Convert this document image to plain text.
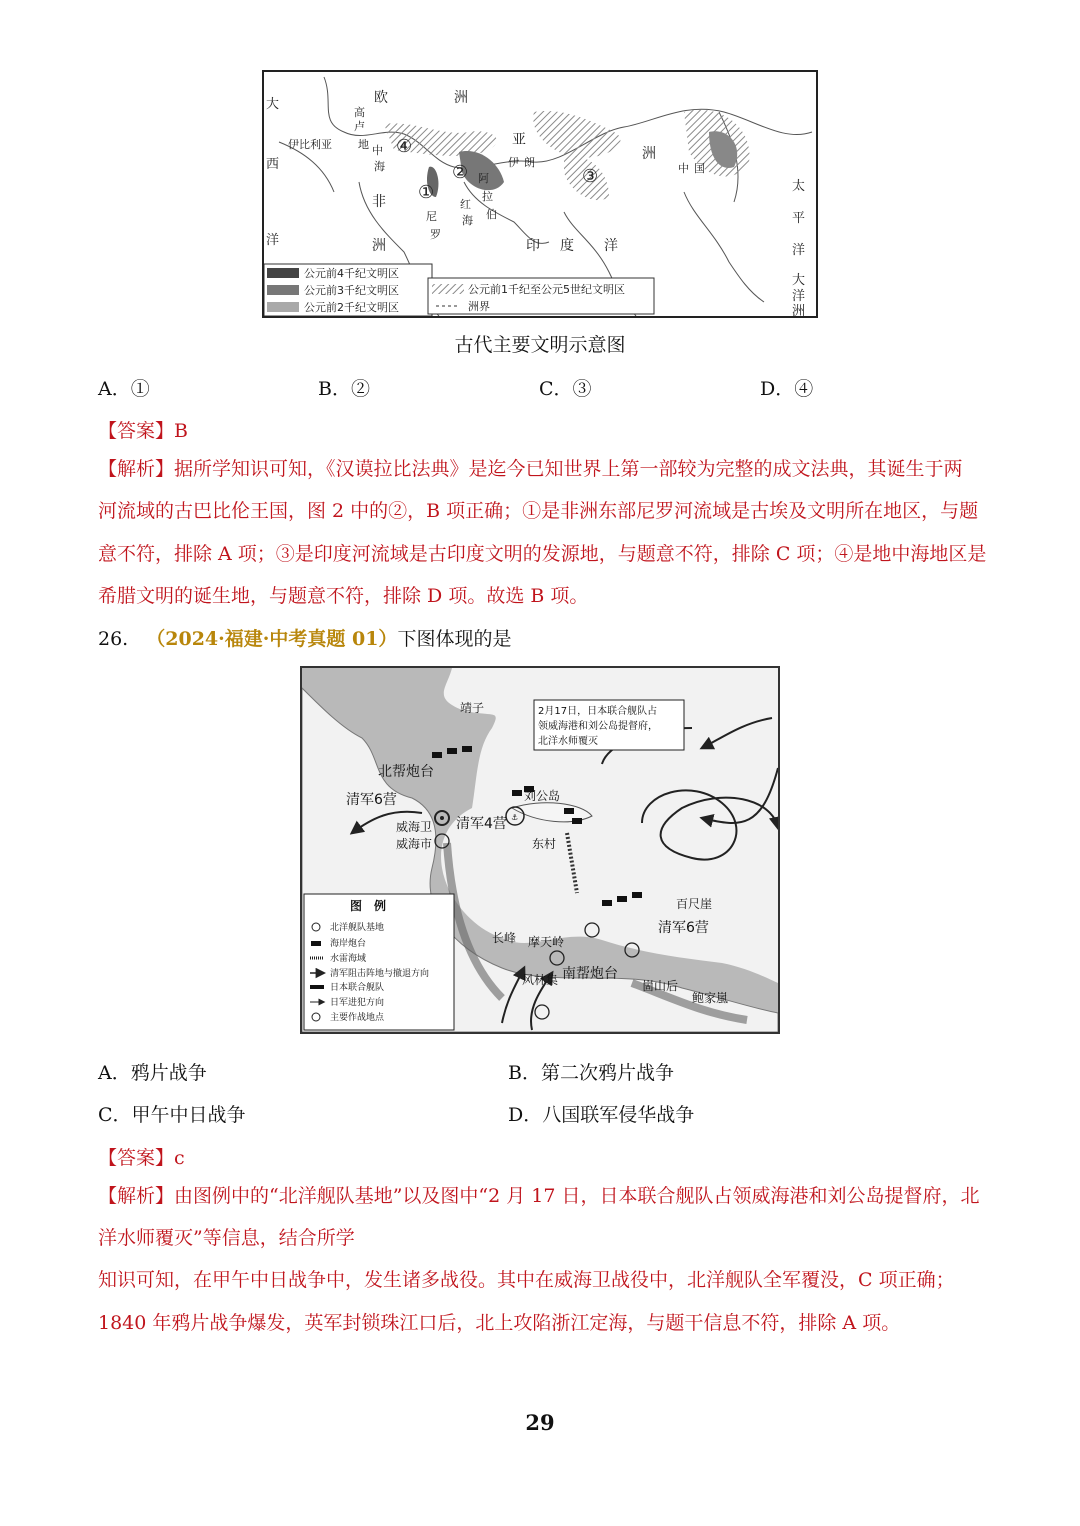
大
西
洋
欧	洲
亚
洲
非
洲	印 度 洋
太
平
洋
大
洋
洲
伊比利亚	中
海
地
高
卢
阿
拉
伯
红
海
尼
罗
伊 朗	中 国
①
②	③
④
公元前4千纪文明区
公元前3千纪文明区
公元前2千纪文明区
公元前1千纪至公元5世纪文明区
洲界
古代主要文明示意图
A．①	B．②	C．③	D．④
【答案】B
【解析】据所学知识可知，《汉谟拉比法典》是迄今已知世界上第一部较为完整的成文法典，其诞生于两
河流域的古巴比伦王国，图 2 中的②，B 项正确；①是非洲东部尼罗河流域是古埃及文明所在地区，与题
意不符，排除 A 项；③是印度河流域是古印度文明的发源地，与题意不符，排除 C 项；④是地中海地区是
希腊文明的诞生地，与题意不符，排除 D 项。故选 B 项。
26. （2024·福建·中考真题 01）下图体现的是
⚓
2月17日，日本联合舰队占
领威海港和刘公岛提督府，
北洋水师覆灭
靖子
北帮炮台
清军6营
威海卫
威海市
清军4营
刘公岛
东村
百尺崖
清军6营
长峰 摩天岭
风林集 南帮炮台
崮山后
鲍家嵐
图　例
北洋舰队基地
海岸炮台
水雷海域
清军阻击阵地与撤退方向
日本联合舰队
日军进犯方向
主要作战地点
A．鸦片战争	B．第二次鸦片战争
C．甲午中日战争	D．八国联军侵华战争
【答案】c
【解析】由图例中的“北洋舰队基地”以及图中“2 月 17 日，日本联合舰队占领威海港和刘公岛提督府，北
洋水师覆灭”等信息，结合所学
知识可知，在甲午中日战争中，发生诸多战役。其中在威海卫战役中，北洋舰队全军覆没，C 项正确；
1840 年鸦片战争爆发，英军封锁珠江口后，北上攻陷浙江定海，与题干信息不符，排除 A 项。
29
